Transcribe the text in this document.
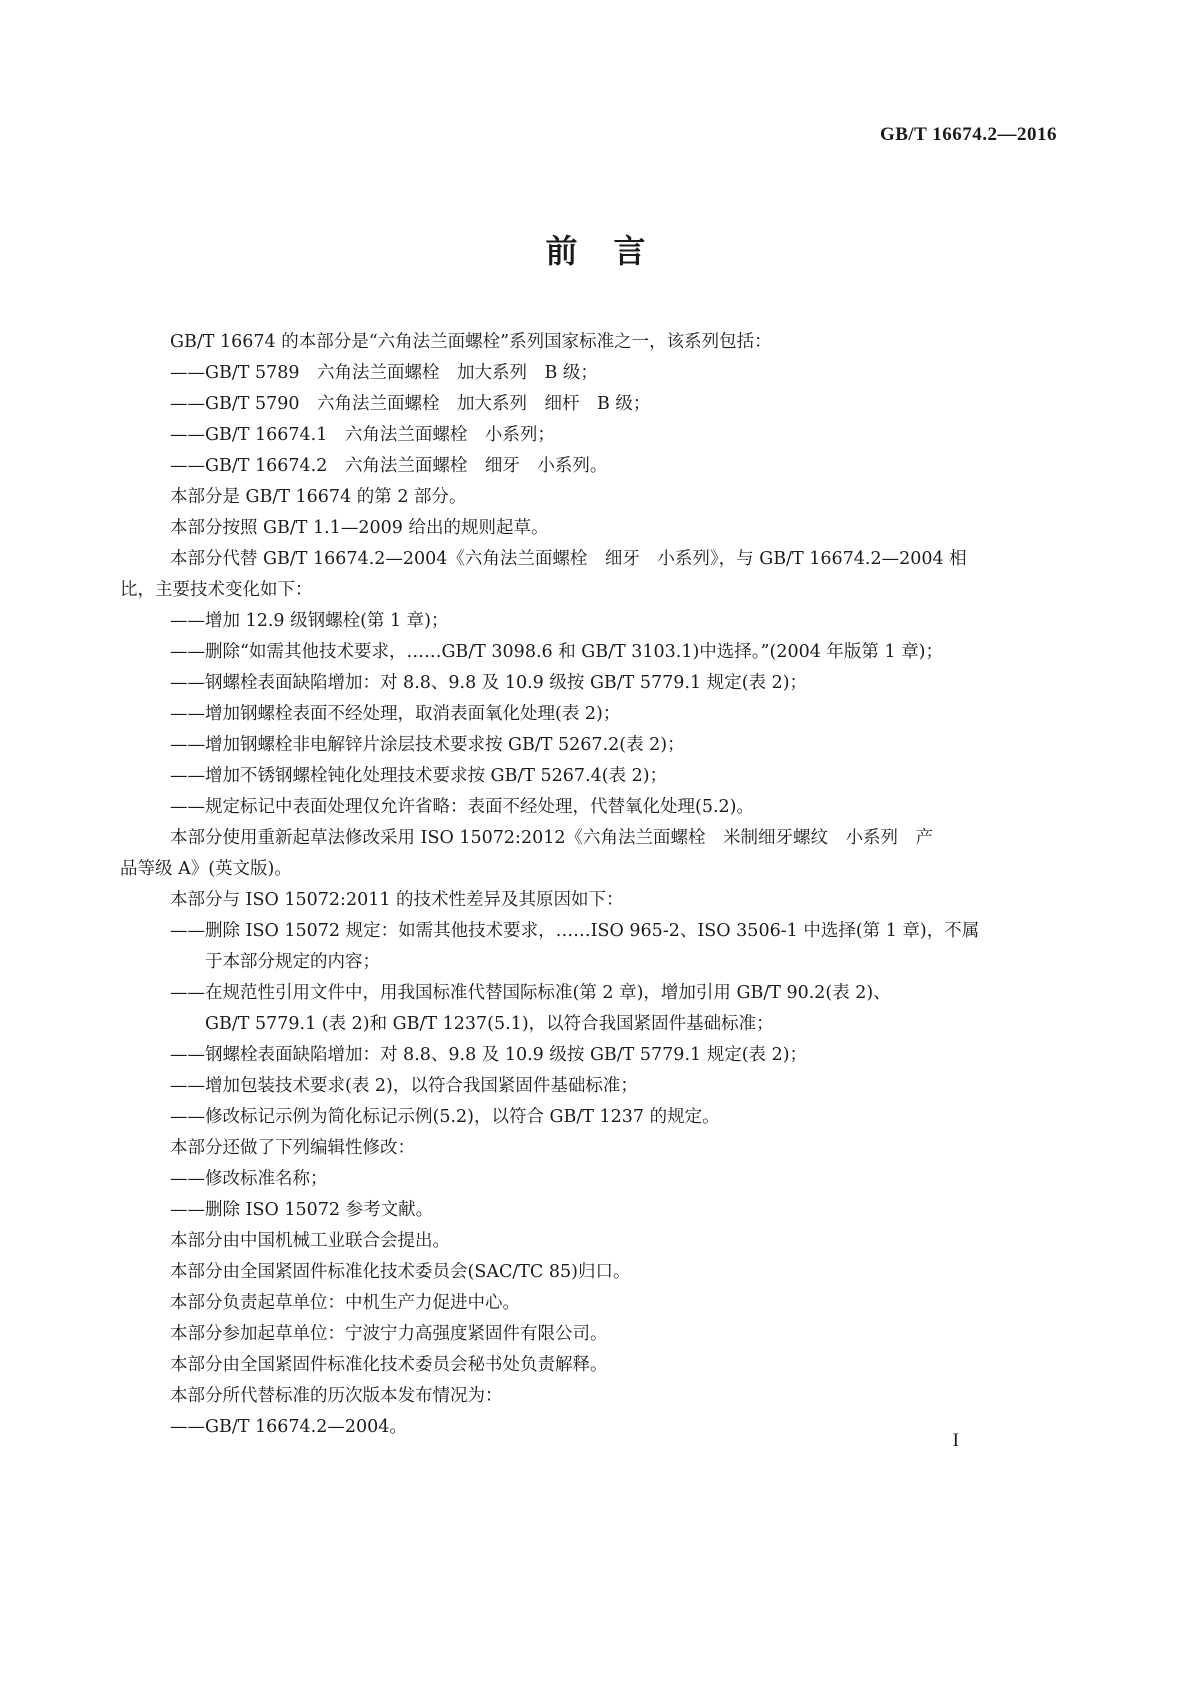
GB/T 16674.2—2016
前 言
GB/T 16674 的本部分是“六角法兰面螺栓”系列国家标准之一，该系列包括：
——GB/T 5789　六角法兰面螺栓　加大系列　B 级；
——GB/T 5790　六角法兰面螺栓　加大系列　细杆　B 级；
——GB/T 16674.1　六角法兰面螺栓　小系列；
——GB/T 16674.2　六角法兰面螺栓　细牙　小系列。
本部分是 GB/T 16674 的第 2 部分。
本部分按照 GB/T 1.1—2009 给出的规则起草。
本部分代替 GB/T 16674.2—2004《六角法兰面螺栓　细牙　小系列》，与 GB/T 16674.2—2004 相
比，主要技术变化如下：
——增加 12.9 级钢螺栓(第 1 章)；
——删除“如需其他技术要求，……GB/T 3098.6 和 GB/T 3103.1)中选择。”(2004 年版第 1 章)；
——钢螺栓表面缺陷增加：对 8.8、9.8 及 10.9 级按 GB/T 5779.1 规定(表 2)；
——增加钢螺栓表面不经处理，取消表面氧化处理(表 2)；
——增加钢螺栓非电解锌片涂层技术要求按 GB/T 5267.2(表 2)；
——增加不锈钢螺栓钝化处理技术要求按 GB/T 5267.4(表 2)；
——规定标记中表面处理仅允许省略：表面不经处理，代替氧化处理(5.2)。
本部分使用重新起草法修改采用 ISO 15072:2012《六角法兰面螺栓　米制细牙螺纹　小系列　产
品等级 A》(英文版)。
本部分与 ISO 15072:2011 的技术性差异及其原因如下：
——删除 ISO 15072 规定：如需其他技术要求，……ISO 965-2、ISO 3506-1 中选择(第 1 章)，不属
于本部分规定的内容；
——在规范性引用文件中，用我国标准代替国际标准(第 2 章)，增加引用 GB/T 90.2(表 2)、
GB/T 5779.1 (表 2)和 GB/T 1237(5.1)，以符合我国紧固件基础标准；
——钢螺栓表面缺陷增加：对 8.8、9.8 及 10.9 级按 GB/T 5779.1 规定(表 2)；
——增加包装技术要求(表 2)，以符合我国紧固件基础标准；
——修改标记示例为简化标记示例(5.2)，以符合 GB/T 1237 的规定。
本部分还做了下列编辑性修改：
——修改标准名称；
——删除 ISO 15072 参考文献。
本部分由中国机械工业联合会提出。
本部分由全国紧固件标准化技术委员会(SAC/TC 85)归口。
本部分负责起草单位：中机生产力促进中心。
本部分参加起草单位：宁波宁力高强度紧固件有限公司。
本部分由全国紧固件标准化技术委员会秘书处负责解释。
本部分所代替标准的历次版本发布情况为：
——GB/T 16674.2—2004。
I
